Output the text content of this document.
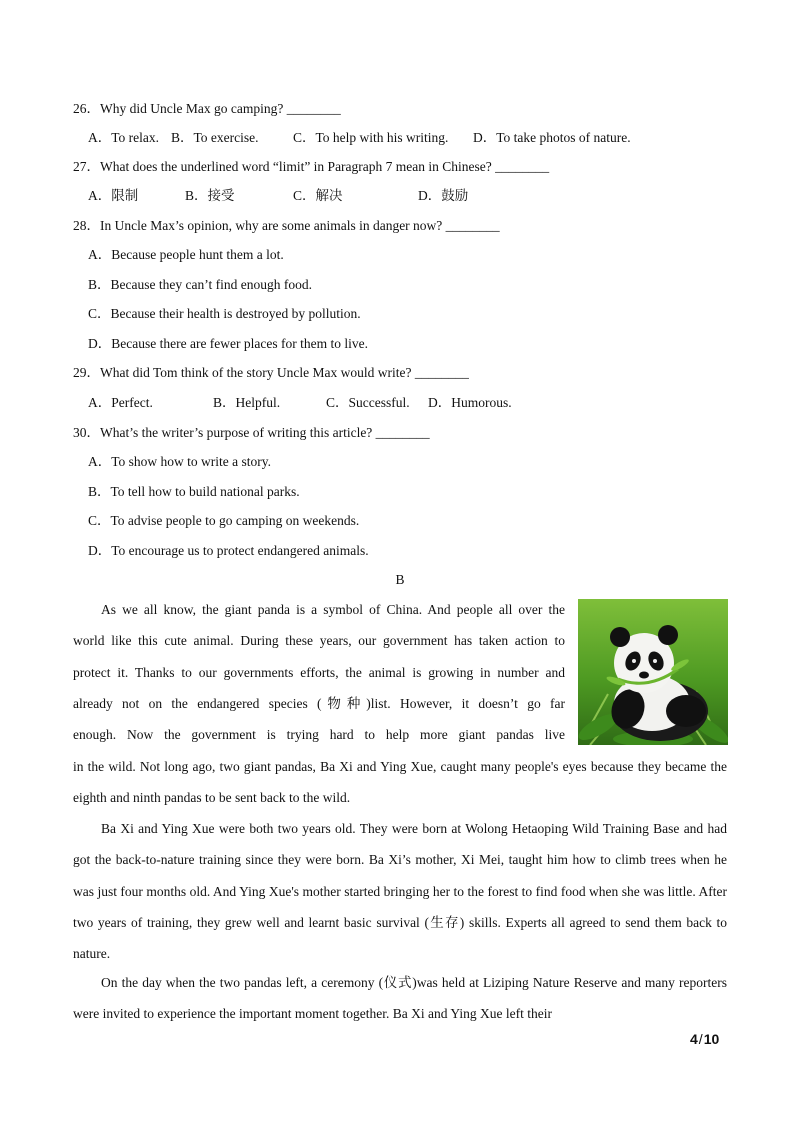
26．Why did Uncle Max go camping? ________
A．To relax. B．To exercise.	C．To help with his writing. D．To take photos of nature.
27．What does the underlined word “limit” in Paragraph 7 mean in Chinese? ________
A．限制	B．接受	C．解决	D．鼓励
28．In Uncle Max’s opinion, why are some animals in danger now? ________
A．Because people hunt them a lot.
B．Because they can’t find enough food.
C．Because their health is destroyed by pollution.
D．Because there are fewer places for them to live.
29．What did Tom think of the story Uncle Max would write? ________
A．Perfect.	B．Helpful.	C．Successful. D．Humorous.
30．What’s the writer’s purpose of writing this article? ________
A．To show how to write a story.
B．To tell how to build national parks.
C．To advise people to go camping on weekends.
D．To encourage us to protect endangered animals.
B
As we all know, the giant panda is a symbol of China. And people all over the
world like this cute animal. During these years, our government has taken action to
protect it. Thanks to our governments efforts, the animal is growing in number and
already not on the endangered species (物种)list. However, it doesn’t go far
enough. Now the government is trying hard to help more giant pandas live

in the wild. Not long ago, two giant pandas, Ba Xi and Ying Xue, caught many people's eyes because they became the eighth and ninth pandas to be sent back to the wild.

Ba Xi and Ying Xue were both two years old. They were born at Wolong Hetaoping Wild Training Base and had got the back-to-nature training since they were born. Ba Xi’s mother, Xi Mei, taught him how to climb trees when he was just four months old. And Ying Xue's mother started bringing her to the forest to find food when she was little. After two years of training, they grew well and learnt basic survival (生存) skills. Experts all agreed to send them back to nature.

On the day when the two pandas left, a ceremony (仪式)was held at Liziping Nature Reserve and many reporters were invited to experience the important moment together. Ba Xi and Ying Xue left their

4/10
